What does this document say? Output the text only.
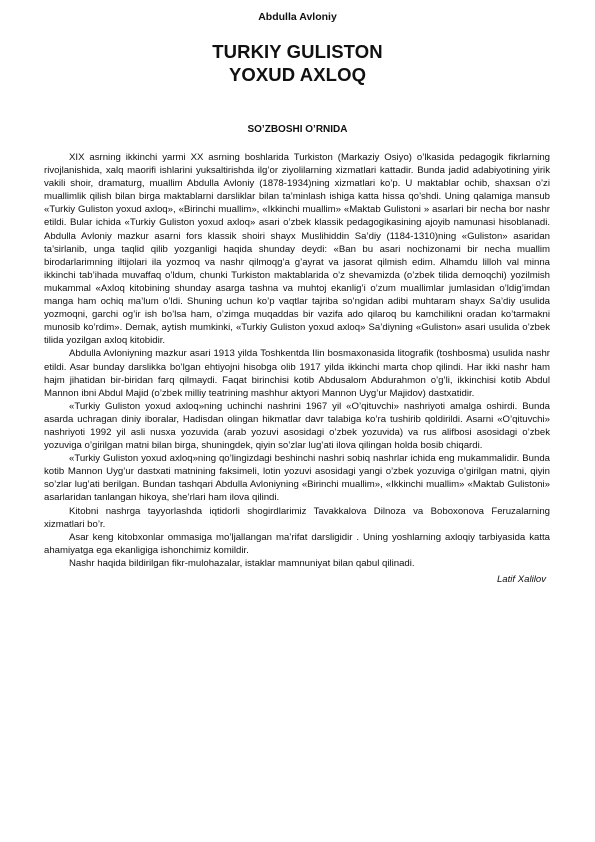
Abdulla Avloniy
TURKIY GULISTON
YOXUD AXLOQ
SO’ZBOSHI O’RNIDA

XIX asrning ikkinchi yarmi XX asrning boshlarida Turkiston (Markaziy Osiyo) o’lkasida pedagogik fikrlarning rivojlanishida, xalq maorifi ishlarini yuksaltirishda ilg’or ziyolilarning xizmatlari kattadir. Bunda jadid adabiyotining yirik vakili shoir, dramaturg, muallim Abdulla Avloniy (1878-1934)ning xizmatlari ko’p. U maktablar ochib, shaxsan o’zi muallimlik qilish bilan birga maktablarni darsliklar bilan ta’minlash ishiga katta hissa qo’shdi. Uning qalamiga mansub «Turkiy Guliston yoxud axloq», «Birinchi muallim», «Ikkinchi muallim» «Maktab Gulistoni » asarlari bir necha bor nashr etildi. Bular ichida «Turkiy Guliston yoxud axloq» asari o’zbek klassik pedagogikasining ajoyib namunasi hisoblanadi. Abdulla Avloniy mazkur asarni fors klassik shoiri shayx Muslihiddin Sa’diy (1184-1310)ning «Guliston» asaridan ta’sirlanib, unga taqlid qilib yozganligi haqida shunday deydi: «Ban bu asari nochizonami bir necha muallim birodarlarimning iltijolari ila yozmoq va nashr qilmoqg’a g’ayrat va jasorat qilmish edim. Alhamdu lilloh val minna ikkinchi tab’ihada muvaffaq o’ldum, chunki Turkiston maktablarida o’z shevamizda (o’zbek tilida demoqchi) yozilmish mukammal «Axloq kitobining shunday asarga tashna va muhtoj ekanlig’i o’zum muallimlar jumlasidan o’ldig’imdan manga ham ochiq ma’lum o’ldi. Shuning uchun ko’p vaqtlar tajriba so’ngidan adibi muhtaram shayx Sa’diy usulida yozmoqni, garchi og’ir ish bo’lsa ham, o’zimga muqaddas bir vazifa ado qilaroq bu kamchilikni oradan ko’tarmakni munosib ko’rdim». Demak, aytish mumkinki, «Turkiy Guliston yoxud axloq» Sa’diyning «Guliston» asari usulida o’zbek tilida yozilgan axloq kitobidir.

Abdulla Avloniyning mazkur asari 1913 yilda Toshkentda Ilin bosmaxonasida litografik (toshbosma) usulida nashr etildi. Asar bunday darslikka bo’lgan ehtiyojni hisobga olib 1917 yilda ikkinchi marta chop qilindi. Har ikki nashr ham hajm jihatidan bir-biridan farq qilmaydi. Faqat birinchisi kotib Abdusalom Abdurahmon o’g’li, ikkinchisi kotib Abdul Mannon ibni Abdul Majid (o’zbek milliy teatrining mashhur aktyori Mannon Uyg’ur Majidov) dastxatidir.

«Turkiy Guliston yoxud axloq»ning uchinchi nashrini 1967 yil «O’qituvchi» nashriyoti amalga oshirdi. Bunda asarda uchragan diniy iboralar, Hadisdan olingan hikmatlar davr talabiga ko’ra tushirib qoldirildi. Asarni «O’qituvchi» nashriyoti 1992 yil asli nusxa yozuvida (arab yozuvi asosidagi o’zbek yozuvida) va rus alifbosi asosidagi o’zbek yozuviga o’girilgan matni bilan birga, shuningdek, qiyin so’zlar lug’ati ilova qilingan holda bosib chiqardi.

«Turkiy Guliston yoxud axloq»ning qo’lingizdagi beshinchi nashri sobiq nashrlar ichida eng mukammalidir. Bunda kotib Mannon Uyg’ur dastxati matnining faksimeli, lotin yozuvi asosidagi yangi o’zbek yozuviga o’girilgan matni, qiyin so’zlar lug’ati berilgan. Bundan tashqari Abdulla Avloniyning «Birinchi muallim», «Ikkinchi muallim» «Maktab Gulistoni» asarlaridan tanlangan hikoya, she’rlari ham ilova qilindi.

Kitobni nashrga tayyorlashda iqtidorli shogirdlarimiz Tavakkalova Dilnoza va Boboxonova Feruzalarning xizmatlari bo’r.

Asar keng kitobxonlar ommasiga mo’ljallangan ma’rifat darsligidir . Uning yoshlarning axloqiy tarbiyasida katta ahamiyatga ega ekanligiga ishonchimiz komildir.

Nashr haqida bildirilgan fikr-mulohazalar, istaklar mamnuniyat bilan qabul qilinadi.

Latif Xalilov
